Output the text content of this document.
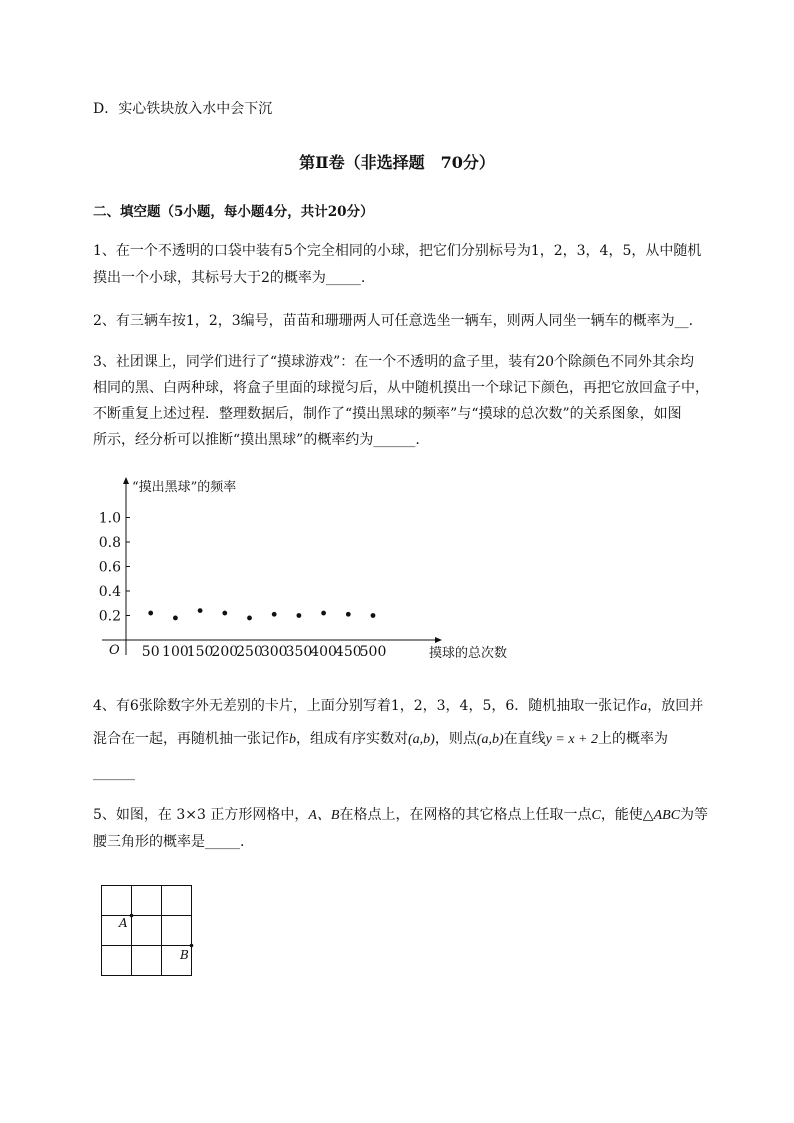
D．实心铁块放入水中会下沉
第Ⅱ卷（非选择题　70分）
二、填空题（5小题，每小题4分，共计20分）
1、在一个不透明的口袋中装有5个完全相同的小球，把它们分别标号为1，2，3，4，5，从中随机
摸出一个小球，其标号大于2的概率为_____.
2、有三辆车按1，2，3编号，苗苗和珊珊两人可任意选坐一辆车，则两人同坐一辆车的概率为__.
3、社团课上，同学们进行了“摸球游戏”：在一个不透明的盒子里，装有20个除颜色不同外其余均
相同的黑、白两种球，将盒子里面的球搅匀后，从中随机摸出一个球记下颜色，再把它放回盒子中，
不断重复上述过程．整理数据后，制作了“摸出黑球的频率”与“摸球的总次数”的关系图象，如图
所示，经分析可以推断“摸出黑球”的概率约为______.
0.2
0.4
0.6
0.8
1.0
50 100
150
200
250
300
350
400
450
500
“摸出黑球”的频率
摸球的总次数
O
4、有6张除数字外无差别的卡片，上面分别写着1，2，3，4，5，6．随机抽取一张记作a，放回并
混合在一起，再随机抽一张记作b，组成有序实数对(a,b)，则点(a,b)在直线y = x + 2上的概率为
______
5、如图，在 3×3 正方形网格中，A、B在格点上，在网格的其它格点上任取一点C，能使△ABC为等
腰三角形的概率是_____.
A
B
